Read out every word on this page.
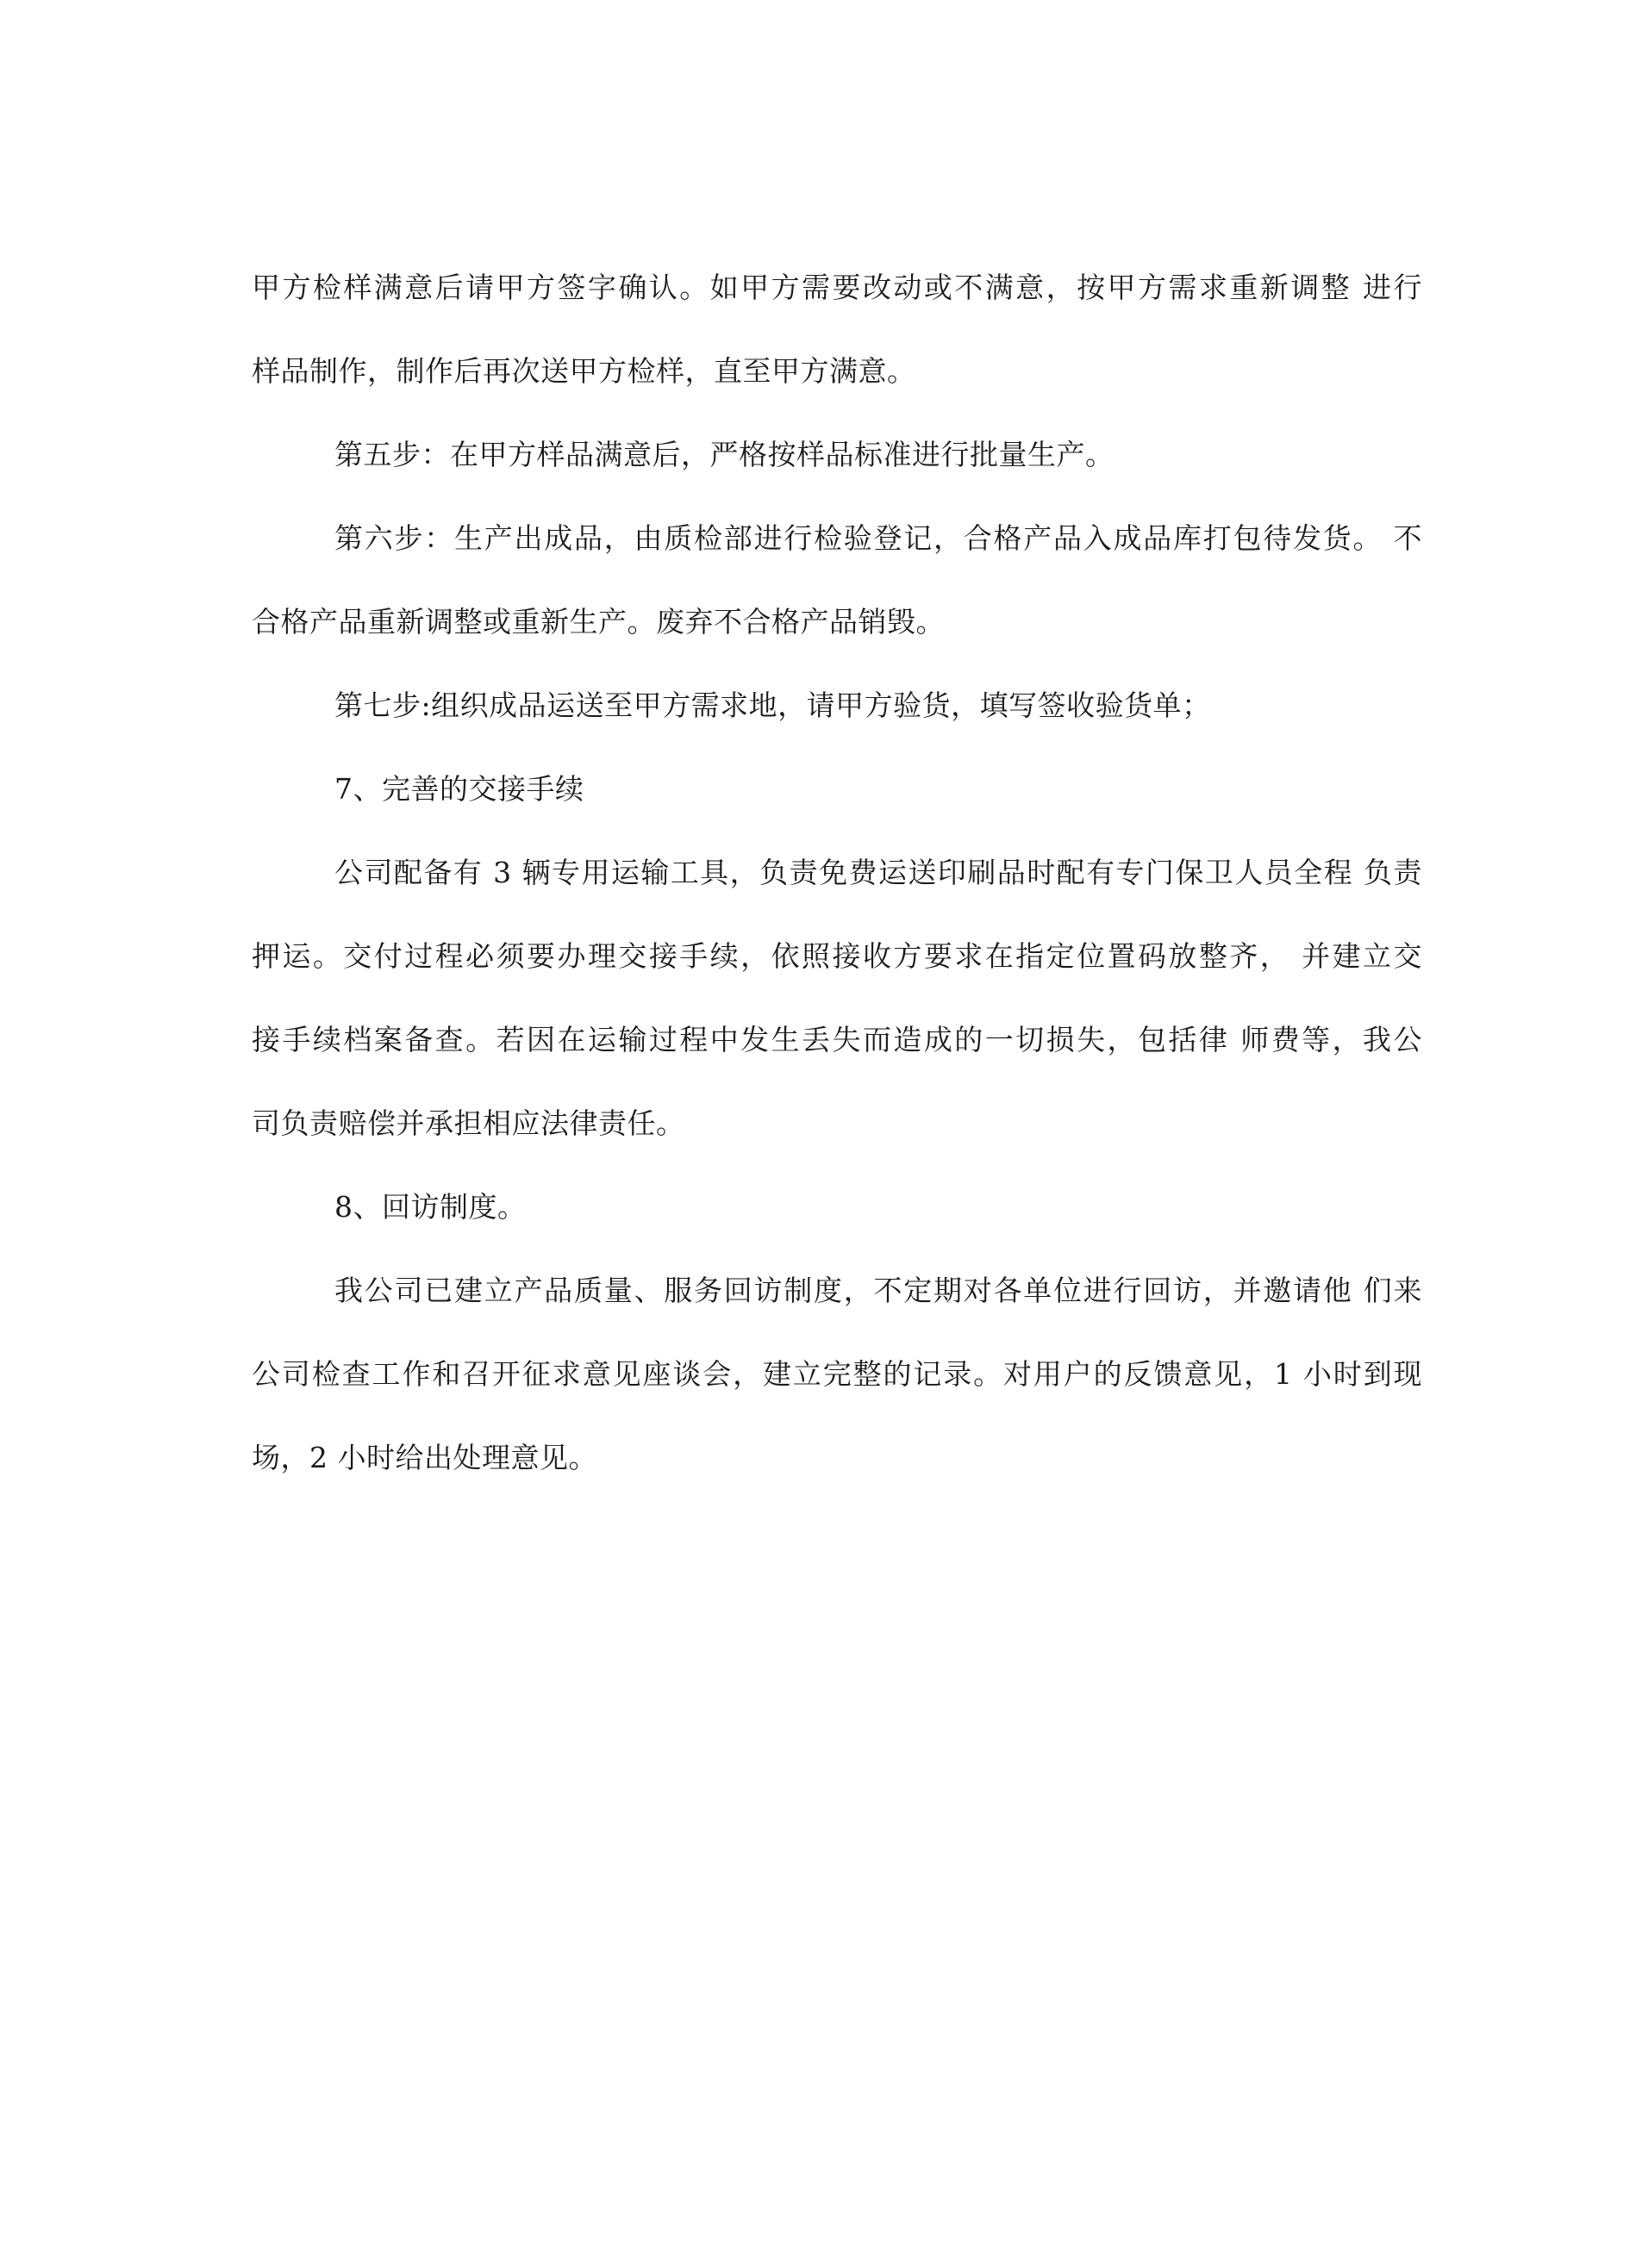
甲方检样满意后请甲方签字确认。如甲方需要改动或不满意，按甲方需求重新调整 进行
样品制作，制作后再次送甲方检样，直至甲方满意。
第五步：在甲方样品满意后，严格按样品标准进行批量生产。
第六步：生产出成品，由质检部进行检验登记，合格产品入成品库打包待发货。 不
合格产品重新调整或重新生产。废弃不合格产品销毁。
第七步:组织成品运送至甲方需求地，请甲方验货，填写签收验货单；
7、完善的交接手续
公司配备有 3 辆专用运输工具，负责免费运送印刷品时配有专门保卫人员全程 负责
押运。交付过程必须要办理交接手续，依照接收方要求在指定位置码放整齐， 并建立交
接手续档案备查。若因在运输过程中发生丢失而造成的一切损失，包括律 师费等，我公
司负责赔偿并承担相应法律责任。
8、回访制度。
我公司已建立产品质量、服务回访制度，不定期对各单位进行回访，并邀请他 们来
公司检查工作和召开征求意见座谈会，建立完整的记录。对用户的反馈意见，1 小时到现
场，2 小时给出处理意见。
